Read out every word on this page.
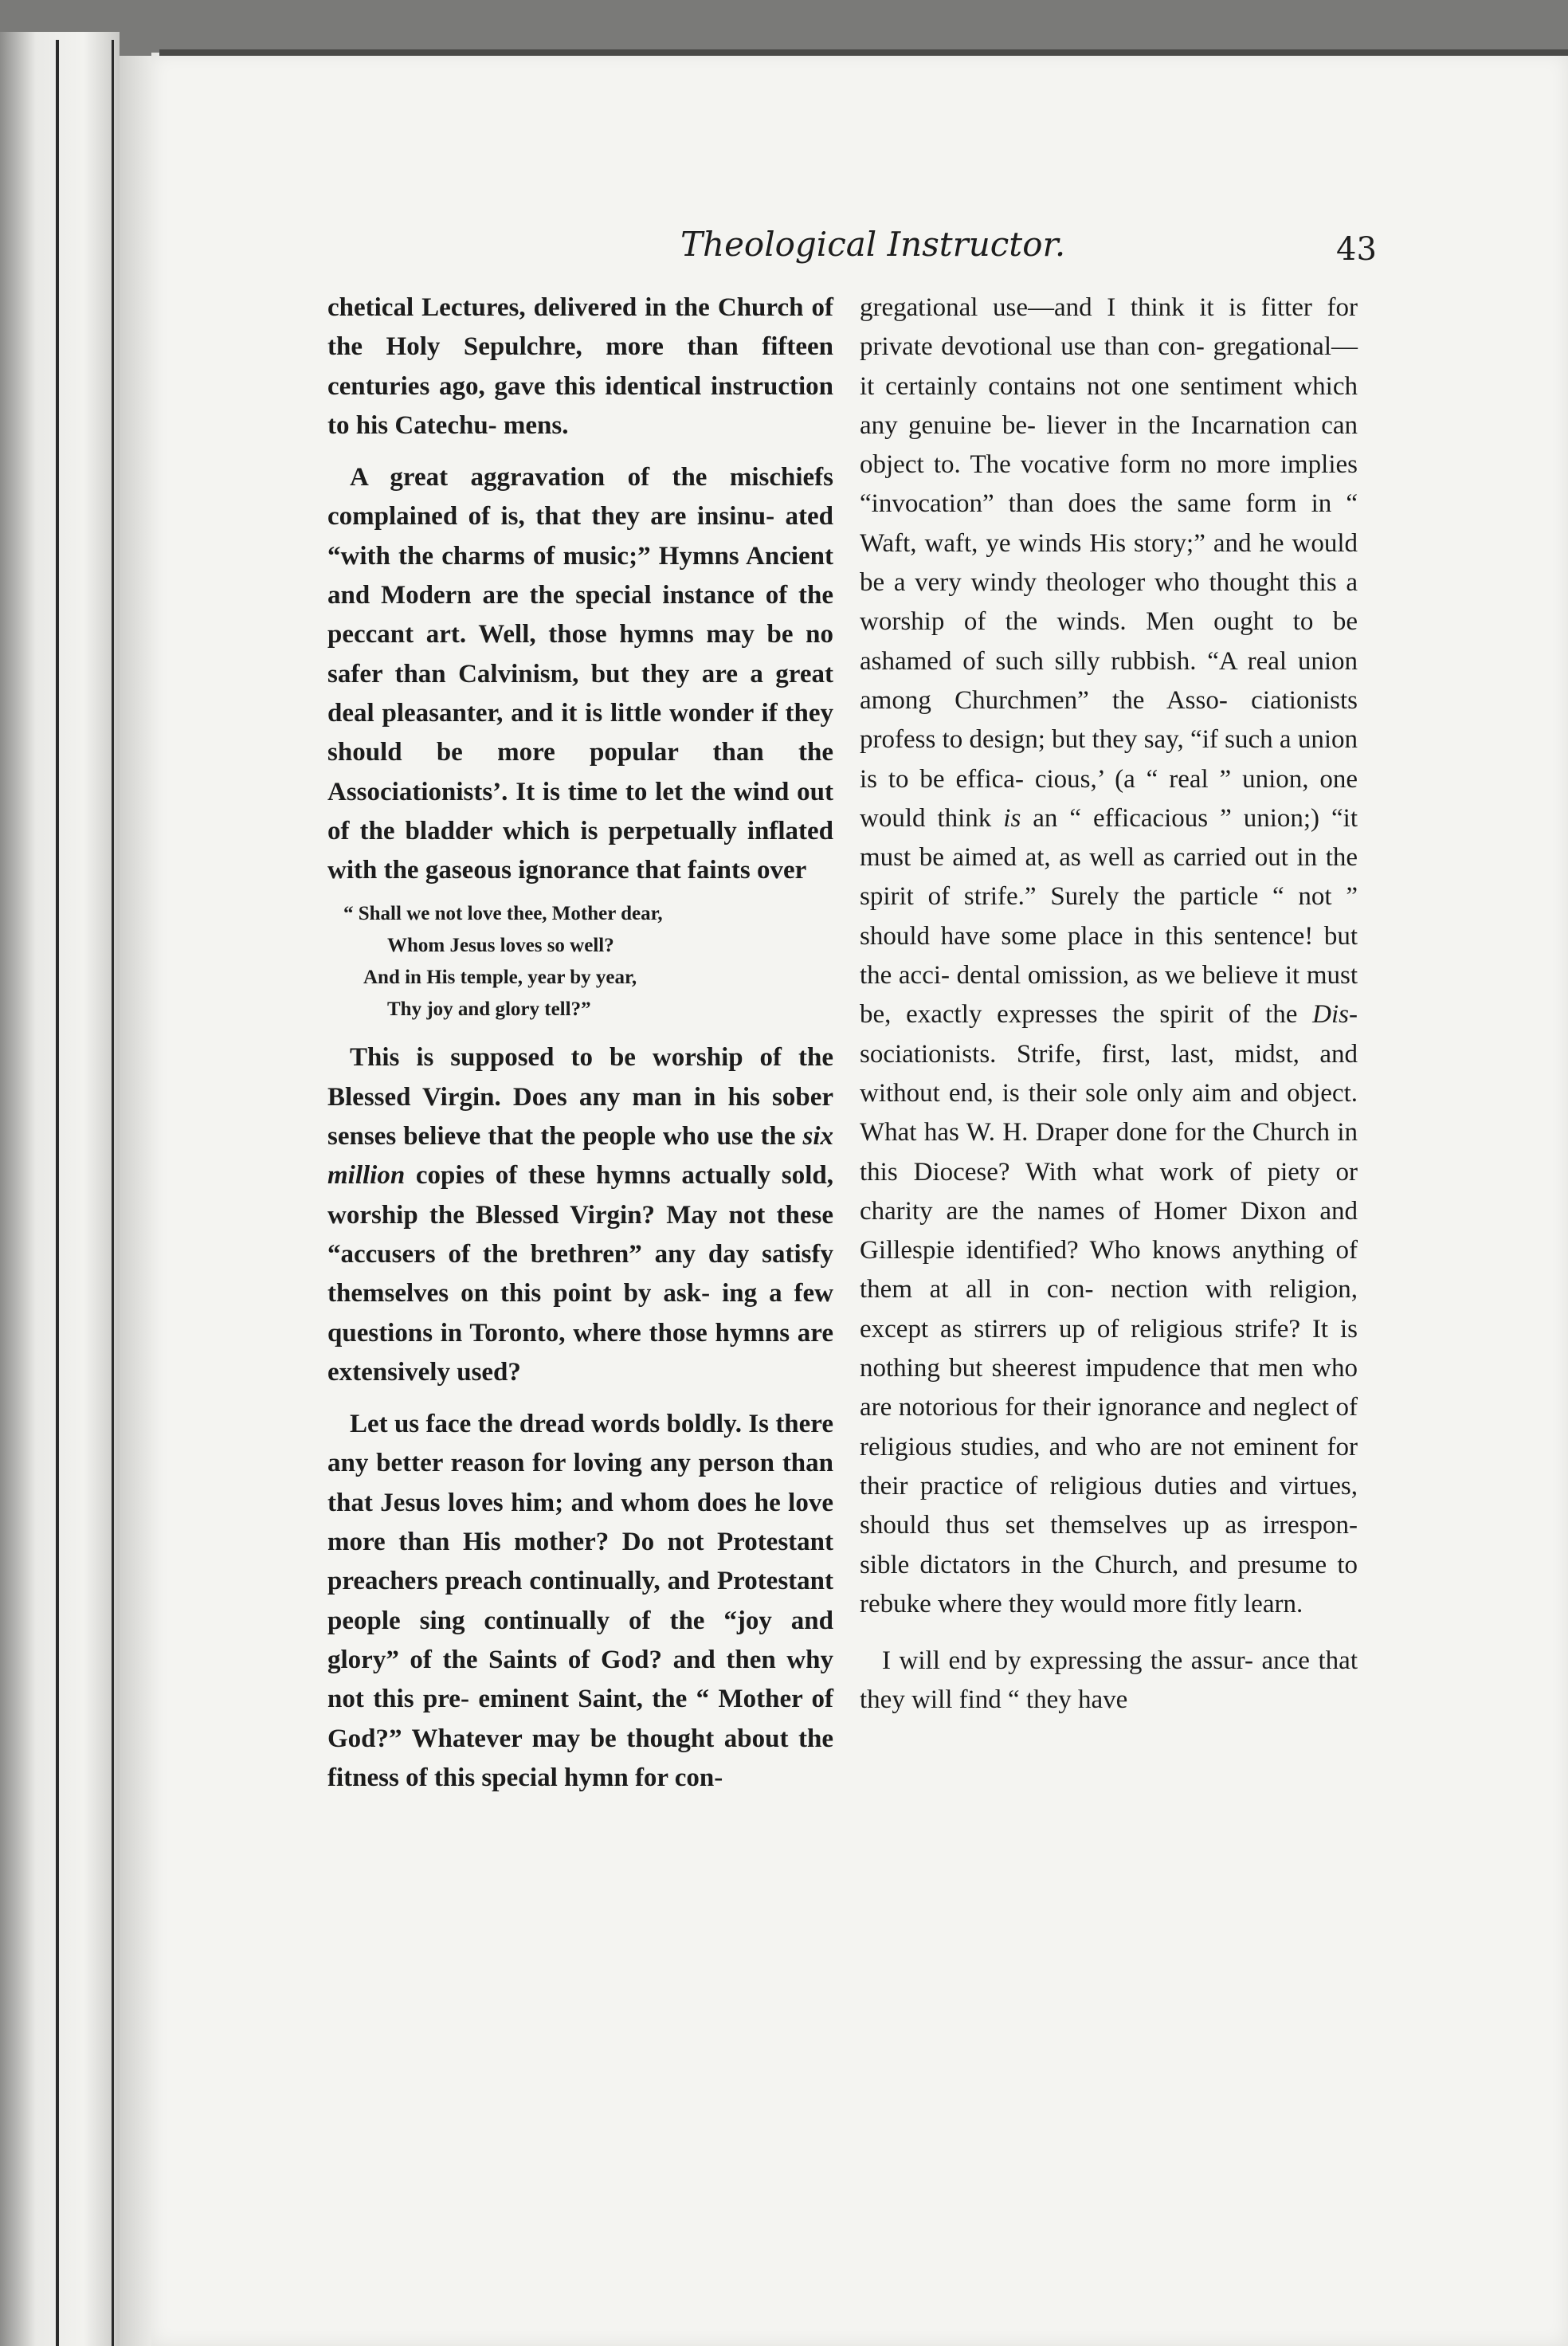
Theological Instructor.	43

chetical Lectures, delivered in the Church of the Holy Sepulchre, more than fifteen centuries ago, gave this identical instruction to his Catechu- mens.

A great aggravation of the mischiefs complained of is, that they are insinu- ated “with the charms of music;” Hymns Ancient and Modern are the special instance of the peccant art. Well, those hymns may be no safer than Calvinism, but they are a great deal pleasanter, and it is little wonder if they should be more popular than the Associationists’. It is time to let the wind out of the bladder which is perpetually inflated with the gaseous ignorance that faints over

“ Shall we not love thee, Mother dear,
Whom Jesus loves so well?
And in His temple, year by year,
Thy joy and glory tell?”

This is supposed to be worship of the Blessed Virgin. Does any man in his sober senses believe that the people who use the six million copies of these hymns actually sold, worship the Blessed Virgin? May not these “accusers of the brethren” any day satisfy themselves on this point by ask- ing a few questions in Toronto, where those hymns are extensively used?

Let us face the dread words boldly. Is there any better reason for loving any person than that Jesus loves him; and whom does he love more than His mother? Do not Protestant preachers preach continually, and Protestant people sing continually of the “joy and glory” of the Saints of God? and then why not this pre- eminent Saint, the “ Mother of God?” Whatever may be thought about the fitness of this special hymn for con-

gregational use—and I think it is fitter for private devotional use than con- gregational—it certainly contains not one sentiment which any genuine be- liever in the Incarnation can object to. The vocative form no more implies “invocation” than does the same form in “ Waft, waft, ye winds His story;” and he would be a very windy theologer who thought this a worship of the winds. Men ought to be ashamed of such silly rubbish. “A real union among Churchmen” the Asso- ciationists profess to design; but they say, “if such a union is to be effica- cious,’ (a “ real ” union, one would think is an “ efficacious ” union;) “it must be aimed at, as well as carried out in the spirit of strife.” Surely the particle “ not ” should have some place in this sentence! but the acci- dental omission, as we believe it must be, exactly expresses the spirit of the Dis-sociationists. Strife, first, last, midst, and without end, is their sole only aim and object. What has W. H. Draper done for the Church in this Diocese? With what work of piety or charity are the names of Homer Dixon and Gillespie identified? Who knows anything of them at all in con- nection with religion, except as stirrers up of religious strife? It is nothing but sheerest impudence that men who are notorious for their ignorance and neglect of religious studies, and who are not eminent for their practice of religious duties and virtues, should thus set themselves up as irrespon- sible dictators in the Church, and presume to rebuke where they would more fitly learn.

I will end by expressing the assur- ance that they will find “ they have
